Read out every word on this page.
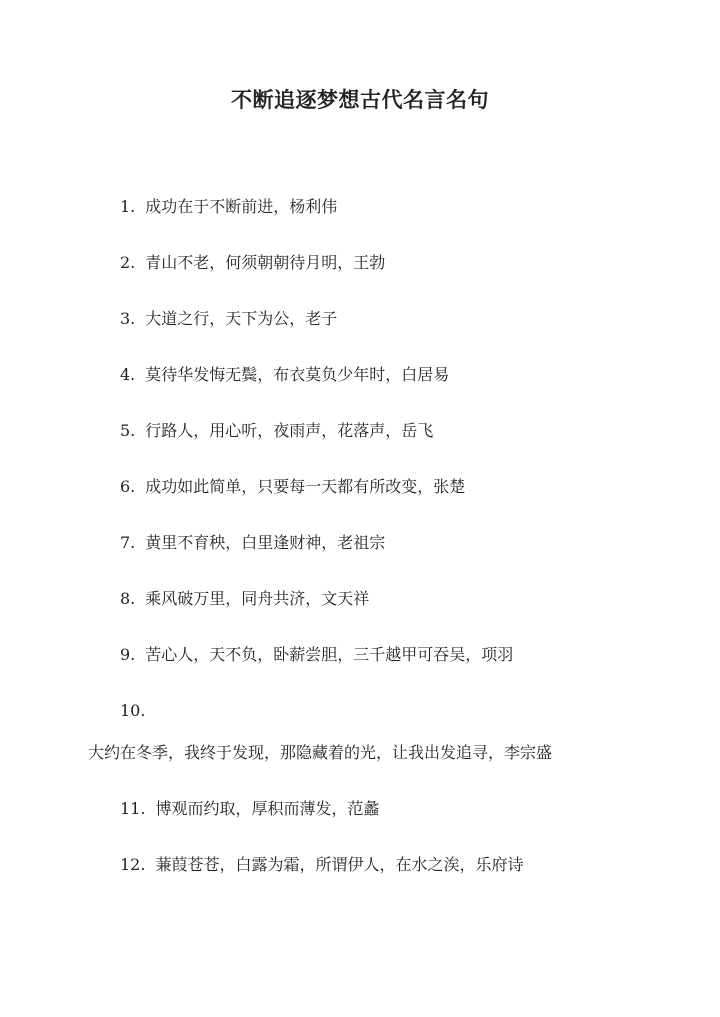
不断追逐梦想古代名言名句
1. 成功在于不断前进，杨利伟
2. 青山不老，何须朝朝待月明，王勃
3. 大道之行，天下为公，老子
4. 莫待华发悔无鬓，布衣莫负少年时，白居易
5. 行路人，用心听，夜雨声，花落声，岳飞
6. 成功如此简单，只要每一天都有所改变，张楚
7. 黄里不育秧，白里逢财神，老祖宗
8. 乘风破万里，同舟共济，文天祥
9. 苦心人，天不负，卧薪尝胆，三千越甲可吞吴，项羽
10.
大约在冬季，我终于发现，那隐藏着的光，让我出发追寻，李宗盛
11. 博观而约取，厚积而薄发，范蠡
12. 蒹葭苍苍，白露为霜，所谓伊人，在水之涘，乐府诗
